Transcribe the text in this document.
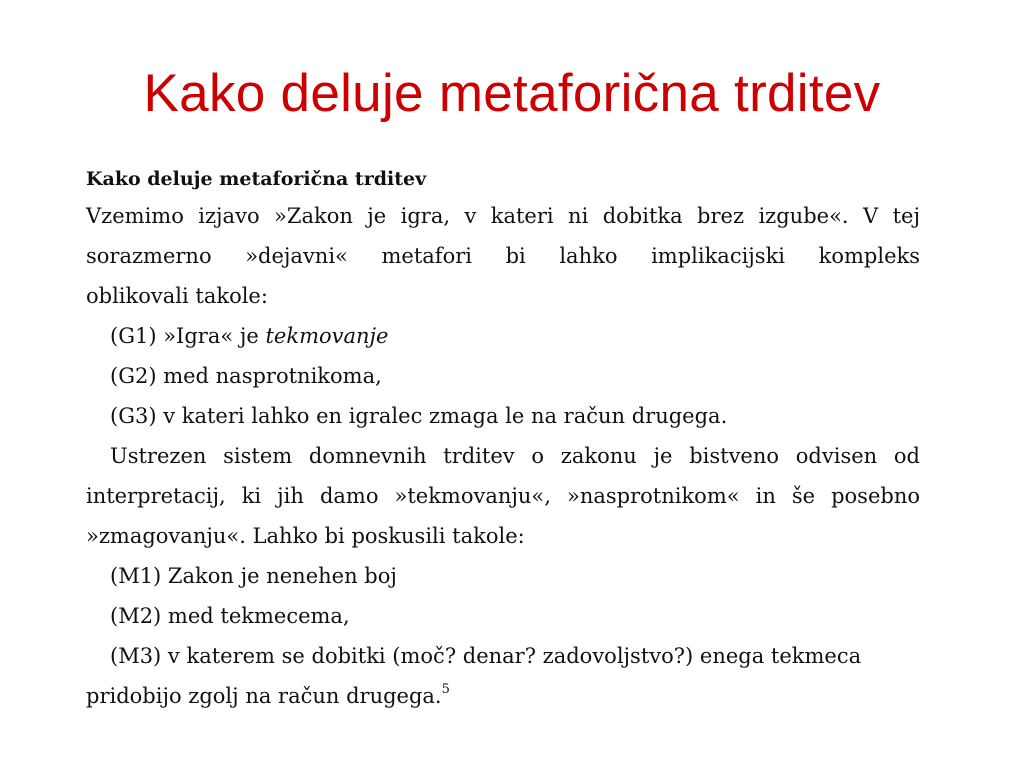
Kako deluje metaforična trditev
Kako deluje metaforična trditev
Vzemimo izjavo »Zakon je igra, v kateri ni dobitka brez izgube«. V tej
sorazmerno »dejavni« metafori bi lahko implikacijski kompleks
oblikovali takole:
(G1) »Igra« je tekmovanje
(G2) med nasprotnikoma,
(G3) v kateri lahko en igralec zmaga le na račun drugega.
Ustrezen sistem domnevnih trditev o zakonu je bistveno odvisen od
interpretacij, ki jih damo »tekmovanju«, »nasprotnikom« in še posebno
»zmagovanju«. Lahko bi poskusili takole:
(M1) Zakon je nenehen boj
(M2) med tekmecema,
(M3) v katerem se dobitki (moč? denar? zadovoljstvo?) enega tekmeca
pridobijo zgolj na račun drugega.$^5$
